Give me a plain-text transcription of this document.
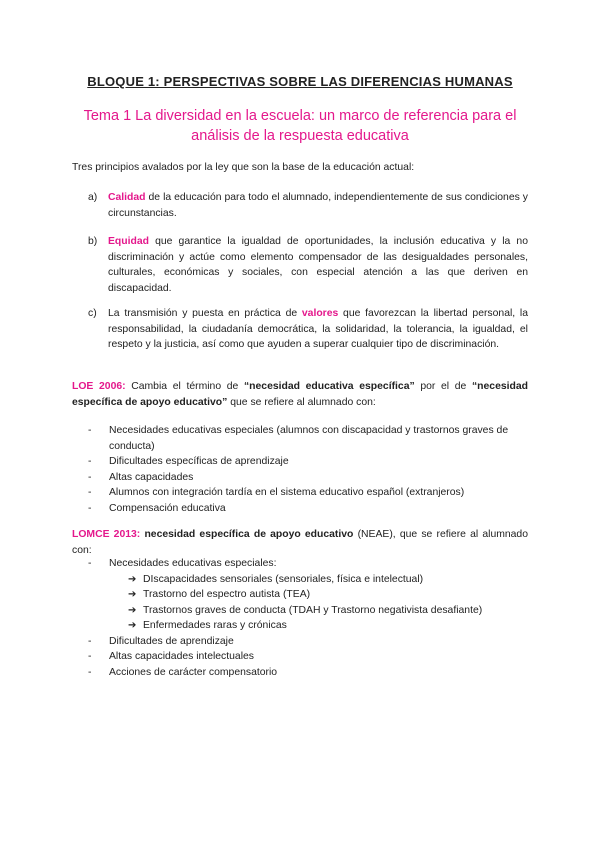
BLOQUE 1: PERSPECTIVAS SOBRE LAS DIFERENCIAS HUMANAS
Tema 1 La diversidad en la escuela: un marco de referencia para el análisis de la respuesta educativa
Tres principios avalados por la ley que son la base de la educación actual:
a)	Calidad de la educación para todo el alumnado, independientemente de sus condiciones y circunstancias.
b)	Equidad que garantice la igualdad de oportunidades, la inclusión educativa y la no discriminación y actúe como elemento compensador de las desigualdades personales, culturales, económicas y sociales, con especial atención a las que deriven en discapacidad.
c)	La transmisión y puesta en práctica de valores que favorezcan la libertad personal, la responsabilidad, la ciudadanía democrática, la solidaridad, la tolerancia, la igualdad, el respeto y la justicia, así como que ayuden a superar cualquier tipo de discriminación.
LOE 2006: Cambia el término de “necesidad educativa específica” por el de “necesidad específica de apoyo educativo” que se refiere al alumnado con:
-	Necesidades educativas especiales (alumnos con discapacidad y trastornos graves de conducta)
-	Dificultades específicas de aprendizaje
-	Altas capacidades
-	Alumnos con integración tardía en el sistema educativo español (extranjeros)
-	Compensación educativa
LOMCE 2013: necesidad específica de apoyo educativo (NEAE), que se refiere al alumnado con:
-	Necesidades educativas especiales:
➔ DIscapacidades sensoriales (sensoriales, física e intelectual)
➔ Trastorno del espectro autista (TEA)
➔ Trastornos graves de conducta (TDAH y Trastorno negativista desafiante)
➔ Enfermedades raras y crónicas
-	Dificultades de aprendizaje
-	Altas capacidades intelectuales
-	Acciones de carácter compensatorio
